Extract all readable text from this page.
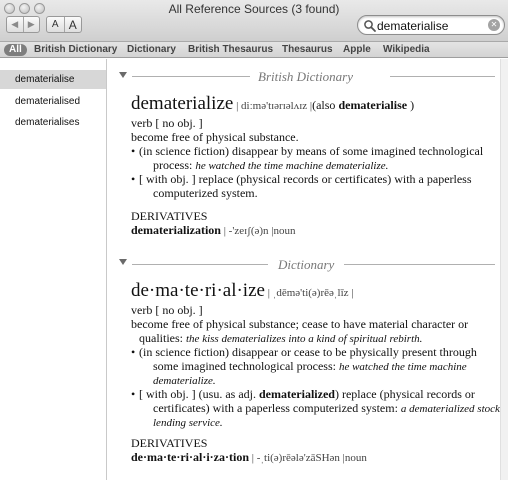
All Reference Sources (3 found)
◀	▶	A A
dematerialise	✕
All	British Dictionary Dictionary British Thesaurus Thesaurus Apple Wikipedia
dematerialise
dematerialised
dematerialises
British Dictionary
dematerialize | diːmə'tɪərɪəlʌɪz |(also dematerialise )
verb [ no obj. ]
become free of physical substance.
• (in science fiction) disappear by means of some imagined technological
process: he watched the time machine dematerialize.
• [ with obj. ] replace (physical records or certificates) with a paperless
computerized system.
DERIVATIVES
dematerialization | -'zeɪʃ(ə)n |noun
Dictionary
de·ma·te·ri·al·ize | ˌdēmə'ti(ə)rēəˌlīz |
verb [ no obj. ]
become free of physical substance; cease to have material character or
qualities: the kiss dematerializes into a kind of spiritual rebirth.
• (in science fiction) disappear or cease to be physically present through
some imagined technological process: he watched the time machine
dematerialize.
• [ with obj. ] (usu. as adj. dematerialized) replace (physical records or
certificates) with a paperless computerized system: a dematerialized stock
lending service.
DERIVATIVES
de·ma·te·ri·al·i·za·tion | -ˌti(ə)rēələ'zāSHən |noun
